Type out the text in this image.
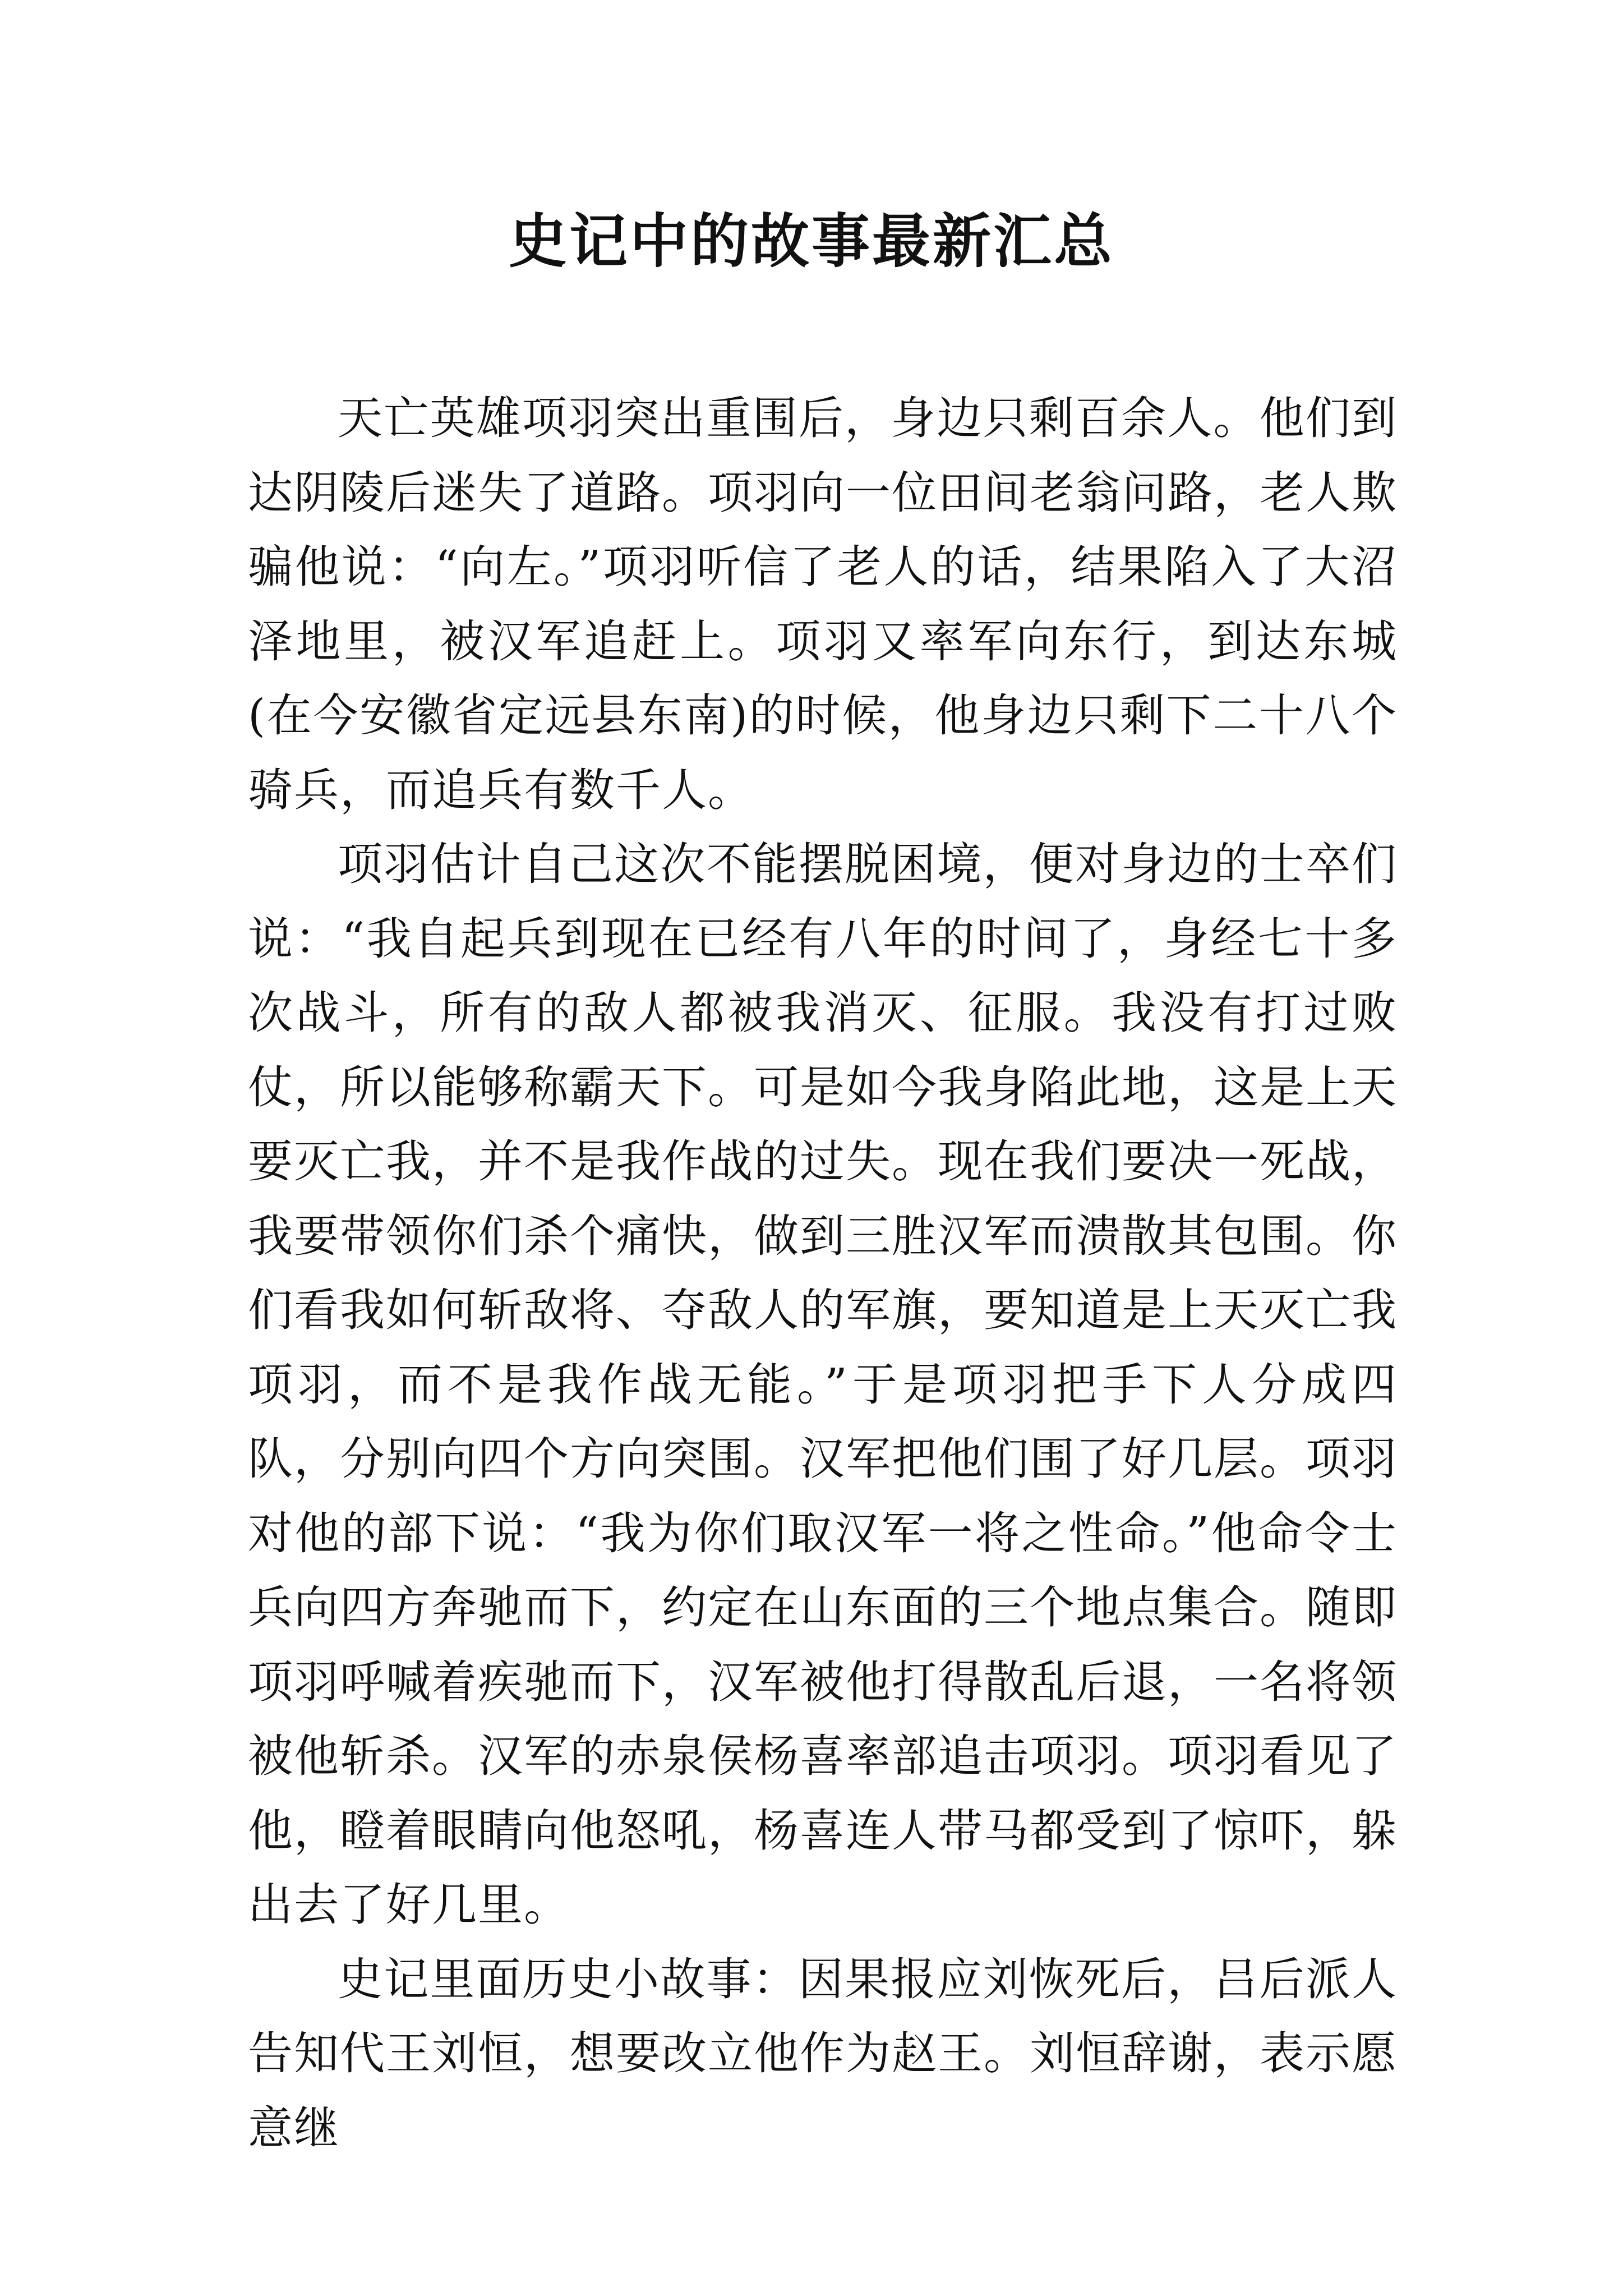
史记中的故事最新汇总

天亡英雄项羽突出重围后，身边只剩百余人。他们到达阴陵后迷失了道路。项羽向一位田间老翁问路，老人欺骗他说：“向左。”项羽听信了老人的话，结果陷入了大沼泽地里，被汉军追赶上。项羽又率军向东行，到达东城(在今安徽省定远县东南)的时候，他身边只剩下二十八个骑兵，而追兵有数千人。

项羽估计自己这次不能摆脱困境，便对身边的士卒们说：“我自起兵到现在已经有八年的时间了，身经七十多次战斗，所有的敌人都被我消灭、征服。我没有打过败仗，所以能够称霸天下。可是如今我身陷此地，这是上天要灭亡我，并不是我作战的过失。现在我们要决一死战，我要带领你们杀个痛快，做到三胜汉军而溃散其包围。你们看我如何斩敌将、夺敌人的军旗，要知道是上天灭亡我项羽，而不是我作战无能。”于是项羽把手下人分成四队，分别向四个方向突围。汉军把他们围了好几层。项羽对他的部下说：“我为你们取汉军一将之性命。”他命令士兵向四方奔驰而下，约定在山东面的三个地点集合。随即项羽呼喊着疾驰而下，汉军被他打得散乱后退，一名将领被他斩杀。汉军的赤泉侯杨喜率部追击项羽。项羽看见了他，瞪着眼睛向他怒吼，杨喜连人带马都受到了惊吓，躲出去了好几里。

史记里面历史小故事：因果报应刘恢死后，吕后派人告知代王刘恒，想要改立他作为赵王。刘恒辞谢，表示愿意继
